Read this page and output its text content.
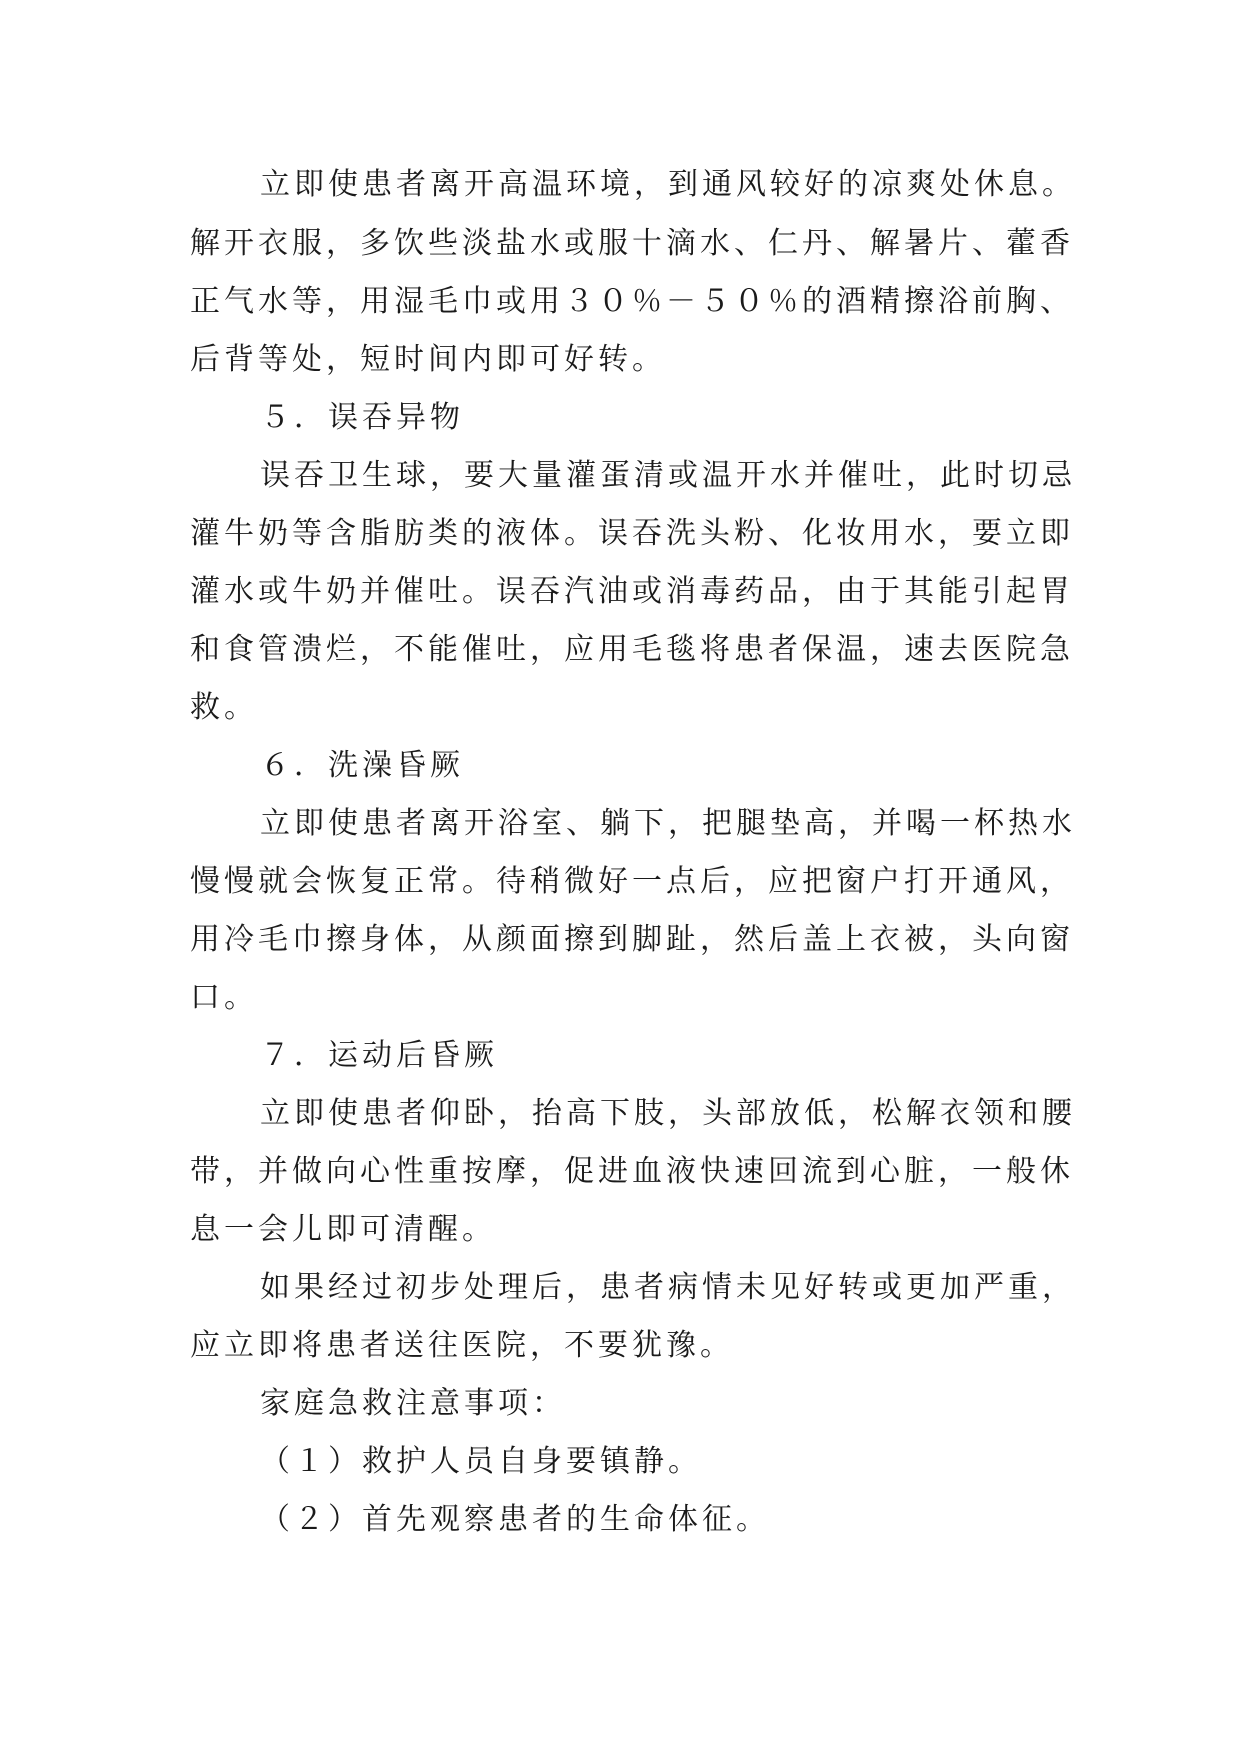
立即使患者离开高温环境，到通风较好的凉爽处休息。
解开衣服，多饮些淡盐水或服十滴水、仁丹、解暑片、藿香
正气水等，用湿毛巾或用３０％－５０％的酒精擦浴前胸、
后背等处，短时间内即可好转。
５．误吞异物
误吞卫生球，要大量灌蛋清或温开水并催吐，此时切忌
灌牛奶等含脂肪类的液体。误吞洗头粉、化妆用水，要立即
灌水或牛奶并催吐。误吞汽油或消毒药品，由于其能引起胃
和食管溃烂，不能催吐，应用毛毯将患者保温，速去医院急
救。
６．洗澡昏厥
立即使患者离开浴室、躺下，把腿垫高，并喝一杯热水
慢慢就会恢复正常。待稍微好一点后，应把窗户打开通风，
用冷毛巾擦身体，从颜面擦到脚趾，然后盖上衣被，头向窗
口。
７．运动后昏厥
立即使患者仰卧，抬高下肢，头部放低，松解衣领和腰
带，并做向心性重按摩，促进血液快速回流到心脏，一般休
息一会儿即可清醒。
如果经过初步处理后，患者病情未见好转或更加严重，
应立即将患者送往医院，不要犹豫。
家庭急救注意事项：
（１）救护人员自身要镇静。
（２）首先观察患者的生命体征。
